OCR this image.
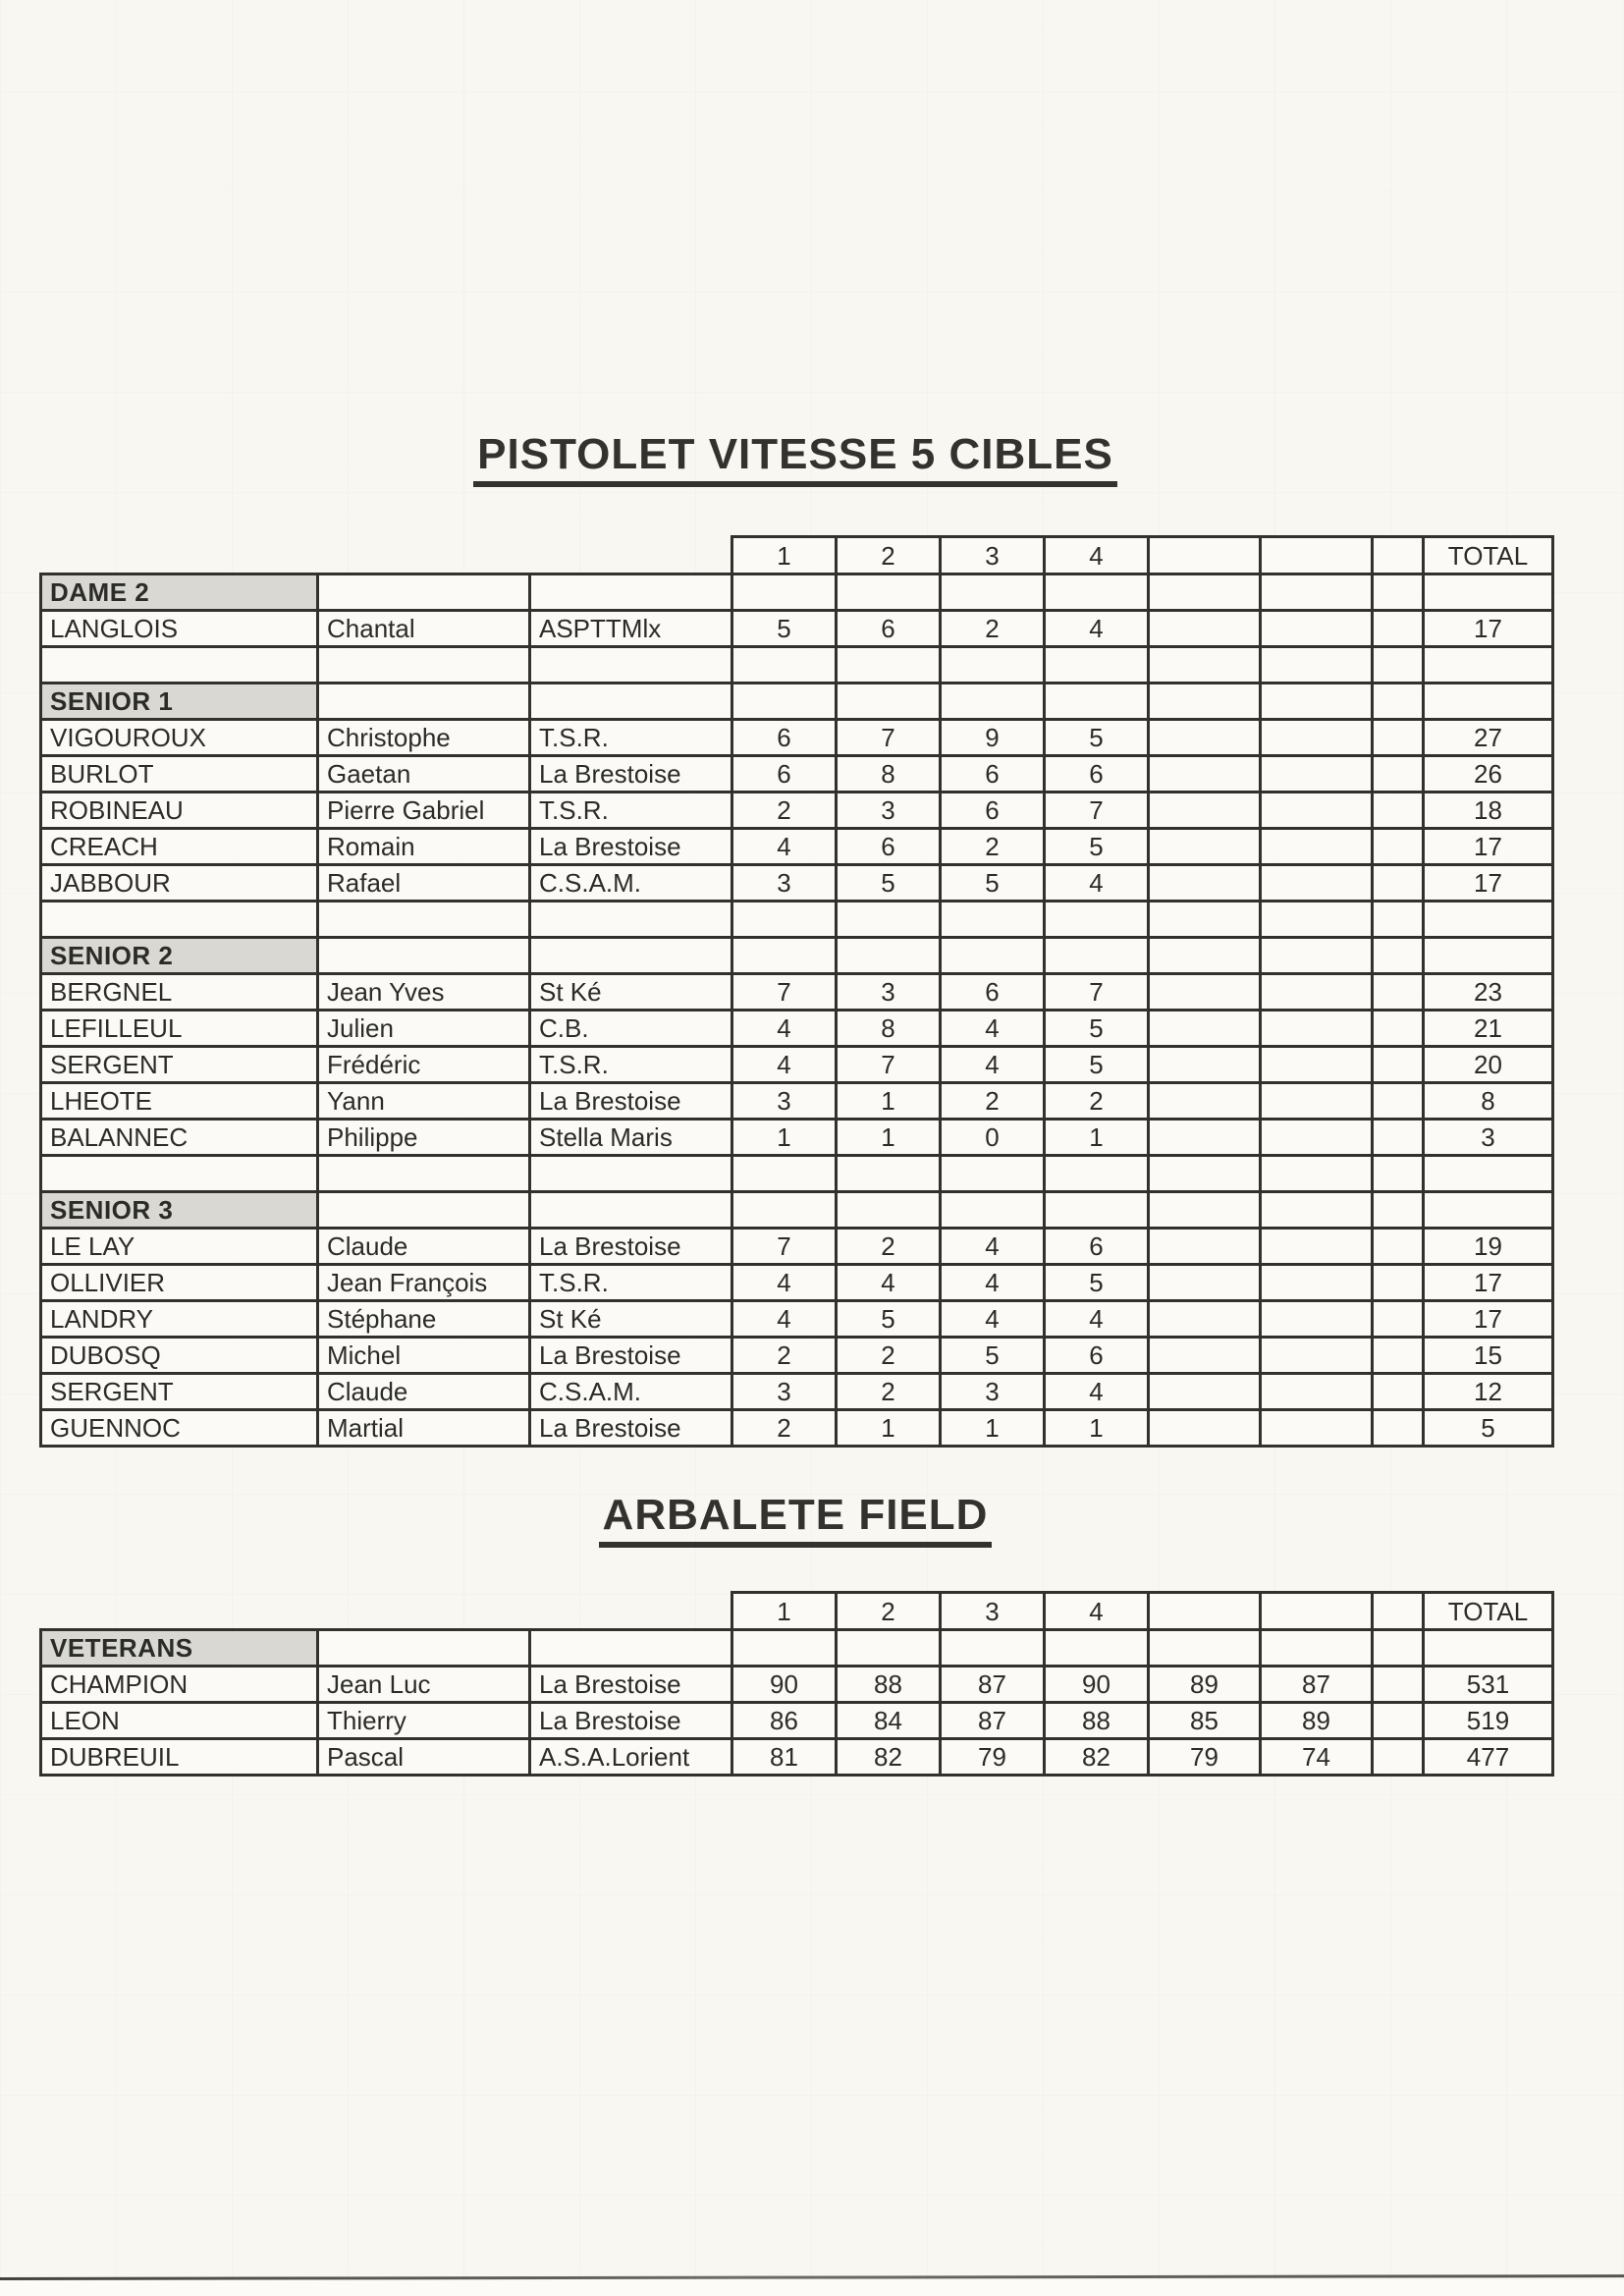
PISTOLET VITESSE 5 CIBLES
			1	2	3	4				TOTAL
DAME 2										
LANGLOIS	Chantal	ASPTTMlx	5	6	2	4				17

SENIOR 1										
VIGOUROUX	Christophe	T.S.R.	6	7	9	5				27
BURLOT	Gaetan	La Brestoise	6	8	6	6				26
ROBINEAU	Pierre Gabriel	T.S.R.	2	3	6	7				18
CREACH	Romain	La Brestoise	4	6	2	5				17
JABBOUR	Rafael	C.S.A.M.	3	5	5	4				17

SENIOR 2										
BERGNEL	Jean Yves	St Ké	7	3	6	7				23
LEFILLEUL	Julien	C.B.	4	8	4	5				21
SERGENT	Frédéric	T.S.R.	4	7	4	5				20
LHEOTE	Yann	La Brestoise	3	1	2	2				8
BALANNEC	Philippe	Stella Maris	1	1	0	1				3

SENIOR 3										
LE LAY	Claude	La Brestoise	7	2	4	6				19
OLLIVIER	Jean François	T.S.R.	4	4	4	5				17
LANDRY	Stéphane	St Ké	4	5	4	4				17
DUBOSQ	Michel	La Brestoise	2	2	5	6				15
SERGENT	Claude	C.S.A.M.	3	2	3	4				12
GUENNOC	Martial	La Brestoise	2	1	1	1				5
ARBALETE FIELD
			1	2	3	4				TOTAL
VETERANS										
CHAMPION	Jean Luc	La Brestoise	90	88	87	90	89	87		531
LEON	Thierry	La Brestoise	86	84	87	88	85	89		519
DUBREUIL	Pascal	A.S.A.Lorient	81	82	79	82	79	74		477
